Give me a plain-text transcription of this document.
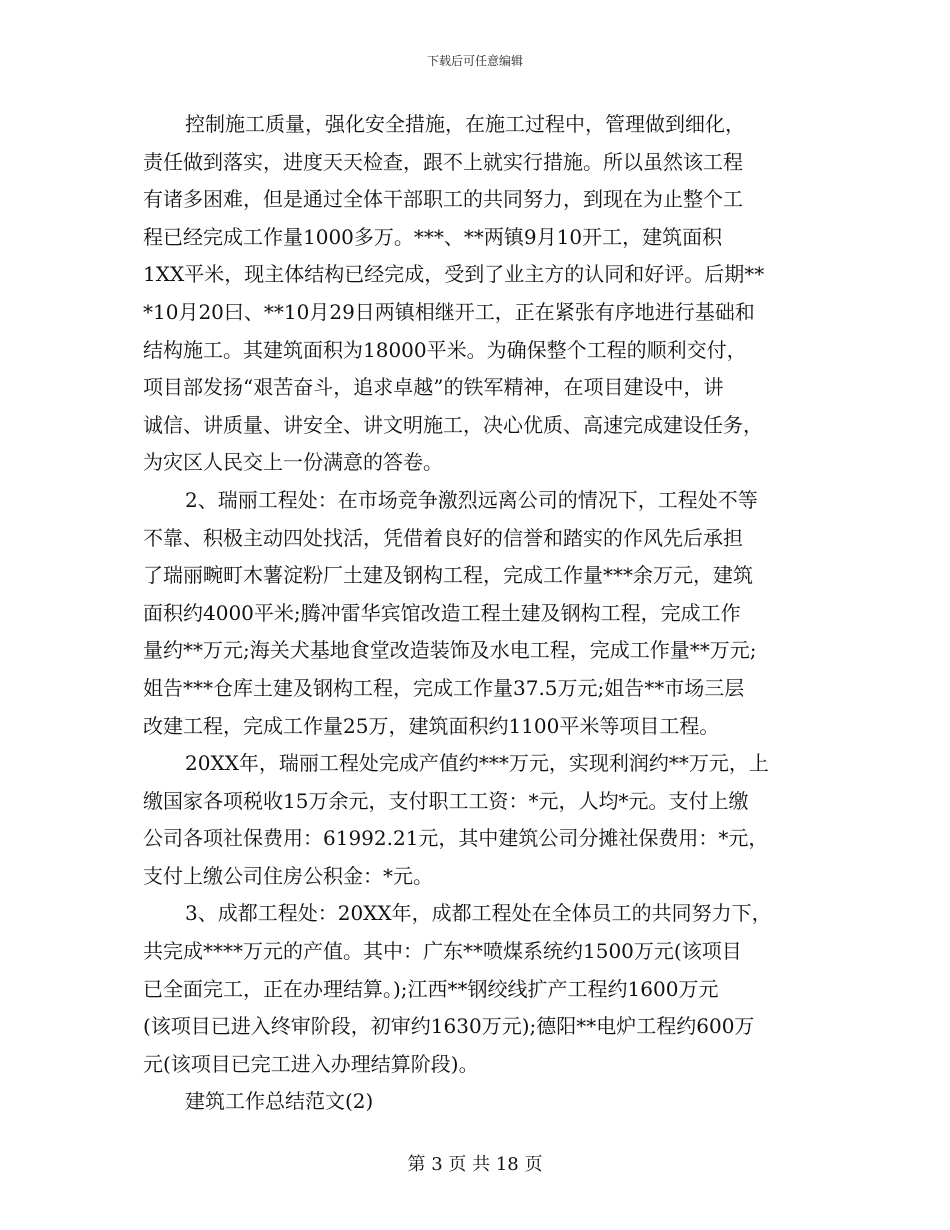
下载后可任意编辑
控制施工质量，强化安全措施，在施工过程中，管理做到细化，
责任做到落实，进度天天检查，跟不上就实行措施。所以虽然该工程
有诸多困难，但是通过全体干部职工的共同努力，到现在为止整个工
程已经完成工作量1000多万。***、**两镇9月10开工，建筑面积
1XX平米，现主体结构已经完成，受到了业主方的认同和好评。后期**
*10月20曰、**10月29日两镇相继开工，正在紧张有序地进行基础和
结构施工。其建筑面积为18000平米。为确保整个工程的顺利交付，
项目部发扬“艰苦奋斗，追求卓越”的铁军精神，在项目建设中，讲
诚信、讲质量、讲安全、讲文明施工，决心优质、高速完成建设任务，
为灾区人民交上一份满意的答卷。
2、瑞丽工程处：在市场竞争激烈远离公司的情况下，工程处不等
不靠、积极主动四处找活，凭借着良好的信誉和踏实的作风先后承担
了瑞丽畹町木薯淀粉厂土建及钢构工程，完成工作量***余万元，建筑
面积约4000平米;腾冲雷华宾馆改造工程土建及钢构工程，完成工作
量约**万元;海关犬基地食堂改造装饰及水电工程，完成工作量**万元;
姐告***仓库土建及钢构工程，完成工作量37.5万元;姐告**市场三层
改建工程，完成工作量25万，建筑面积约1100平米等项目工程。
20XX年，瑞丽工程处完成产值约***万元，实现利润约**万元，上
缴国家各项税收15万余元，支付职工工资：*元，人均*元。支付上缴
公司各项社保费用：61992.21元，其中建筑公司分摊社保费用：*元，
支付上缴公司住房公积金：*元。
3、成都工程处：20XX年，成都工程处在全体员工的共同努力下，
共完成****万元的产值。其中：广东**喷煤系统约1500万元(该项目
已全面完工，正在办理结算。);江西**钢绞线扩产工程约1600万元
(该项目已进入终审阶段，初审约1630万元);德阳**电炉工程约600万
元(该项目已完工进入办理结算阶段)。
建筑工作总结范文(2)
第 3 页 共 18 页
